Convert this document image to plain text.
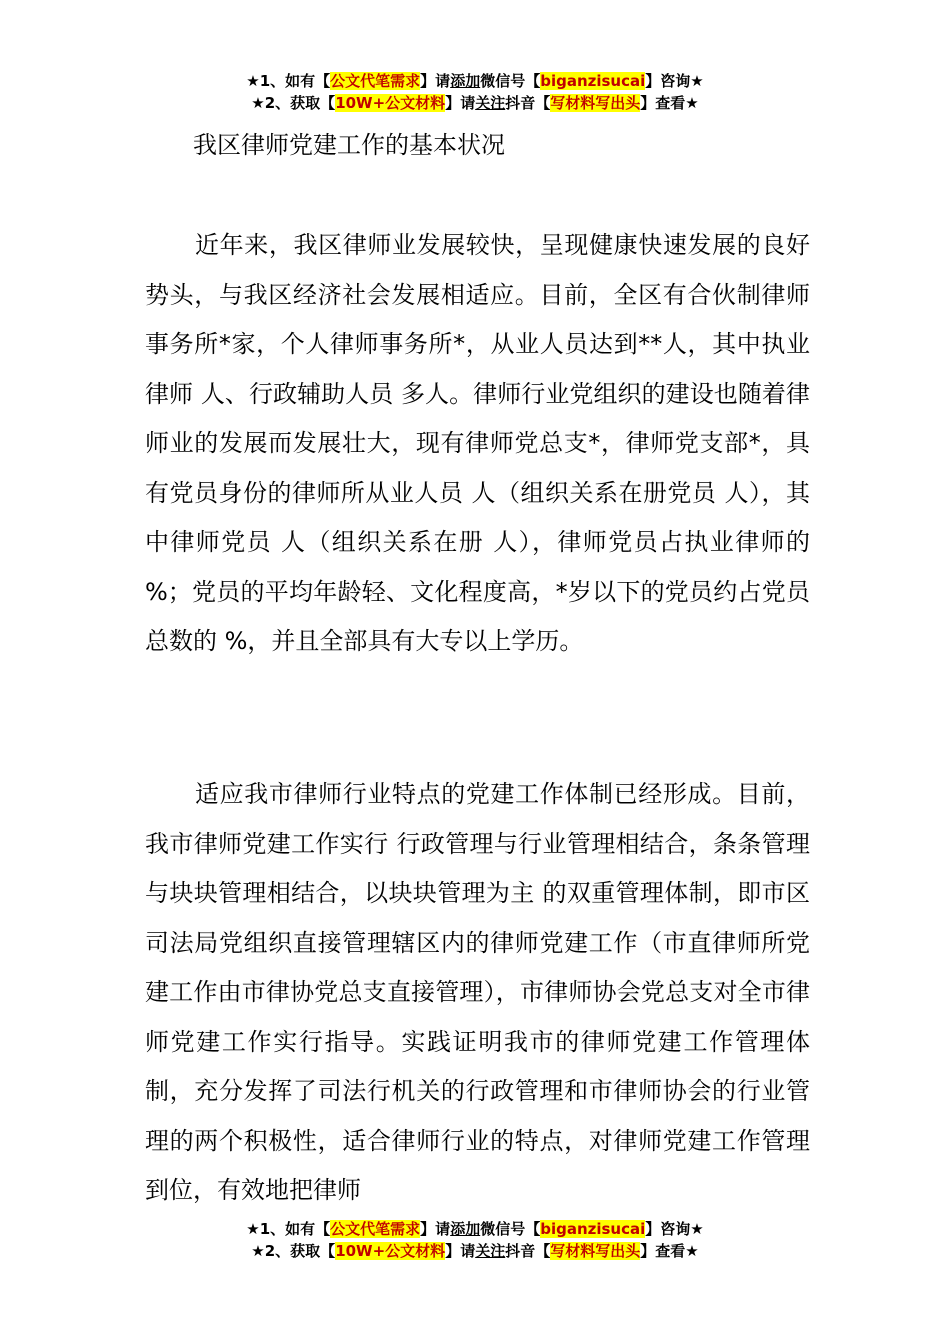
★1、如有【公文代笔需求】请添加微信号【biganzisucai】咨询★
★2、获取【10W+公文材料】请关注抖音【写材料写出头】查看★
我区律师党建工作的基本状况

近年来，我区律师业发展较快，呈现健康快速发展的良好势头，与我区经济社会发展相适应。目前，全区有合伙制律师事务所*家，个人律师事务所*，从业人员达到**人，其中执业律师 人、行政辅助人员 多人。律师行业党组织的建设也随着律师业的发展而发展壮大，现有律师党总支*，律师党支部*，具有党员身份的律师所从业人员 人（组织关系在册党员 人），其中律师党员 人（组织关系在册 人），律师党员占执业律师的 %；党员的平均年龄轻、文化程度高，*岁以下的党员约占党员总数的 %，并且全部具有大专以上学历。

适应我市律师行业特点的党建工作体制已经形成。目前，我市律师党建工作实行 行政管理与行业管理相结合，条条管理与块块管理相结合，以块块管理为主 的双重管理体制，即市区司法局党组织直接管理辖区内的律师党建工作（市直律师所党建工作由市律协党总支直接管理），市律师协会党总支对全市律师党建工作实行指导。实践证明我市的律师党建工作管理体制，充分发挥了司法行机关的行政管理和市律师协会的行业管理的两个积极性，适合律师行业的特点，对律师党建工作管理到位，有效地把律师

★1、如有【公文代笔需求】请添加微信号【biganzisucai】咨询★
★2、获取【10W+公文材料】请关注抖音【写材料写出头】查看★
